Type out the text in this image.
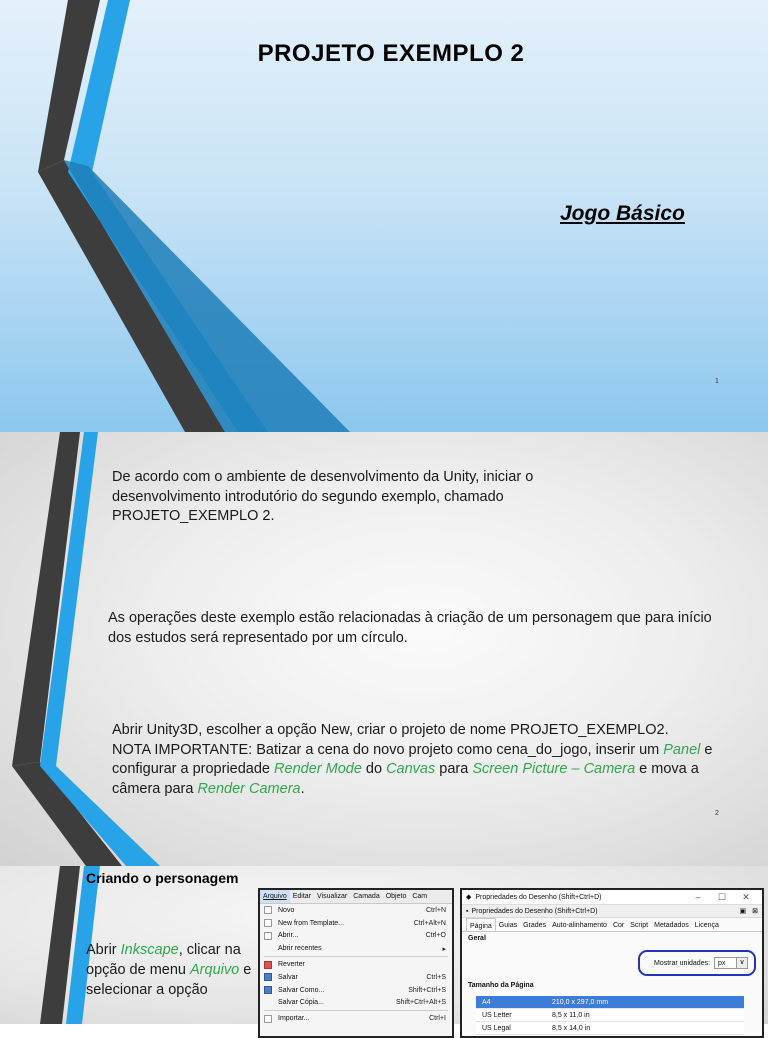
PROJETO EXEMPLO 2
Jogo Básico
1
De acordo com o ambiente de desenvolvimento da Unity, iniciar o desenvolvimento introdutório do segundo exemplo, chamado PROJETO_EXEMPLO 2.
As operações deste exemplo estão relacionadas à criação de um personagem que para início dos estudos será representado por um círculo.
Abrir Unity3D, escolher a opção New, criar o projeto de nome PROJETO_EXEMPLO2.
NOTA IMPORTANTE: Batizar a cena do novo projeto como cena_do_jogo, inserir um Panel e configurar a propriedade Render Mode do Canvas para Screen Picture – Camera e mova a câmera para Render Camera.
2
Criando o personagem
Abrir Inkscape, clicar na opção de menu Arquivo e selecionar a opção
Arquivo Editar Visualizar Camada Objeto Cam
Novo	Ctrl+N
New from Template...	Ctrl+Alt+N
Abrir...	Ctrl+O
Abrir recentes	▸
Reverter
Salvar	Ctrl+S
Salvar Como...	Shift+Ctrl+S
Salvar Cópia...	Shift+Ctrl+Alt+S
Importar...	Ctrl+I
◆ Propriedades do Desenho (Shift+Ctrl+D)	–	☐	✕
▪ Propriedades do Desenho (Shift+Ctrl+D)	▣ ⊠
Página	Guias Grades Auto-alinhamento Cor Script Metadados Licença
Geral
Mostrar unidades:	px ∨
Tamanho da Página
A4	210,0 x 297,0 mm
US Letter	8,5 x 11,0 in
US Legal	8,5 x 14,0 in
